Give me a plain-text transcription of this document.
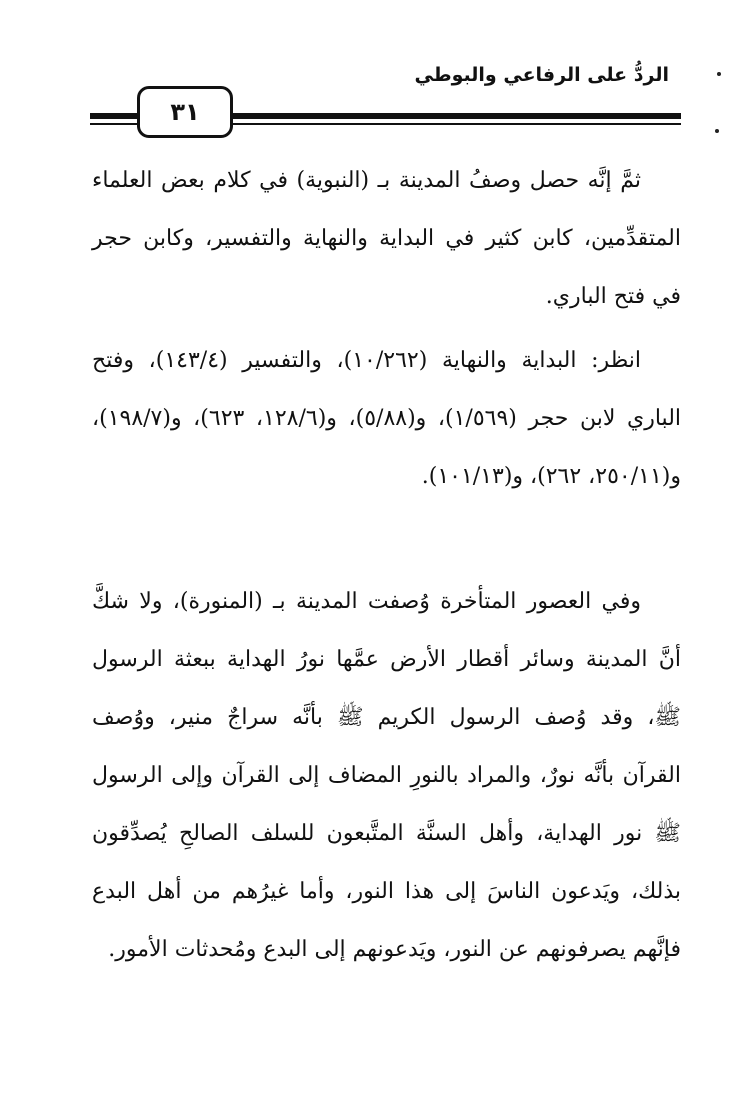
الردُّ على الرفاعي والبوطي
٣١

ثمَّ إنَّه حصل وصفُ المدينة بـ (النبوية) في كلام بعض العلماء المتقدِّمين، كابن كثير في البداية والنهاية والتفسير، وكابن حجر في فتح الباري.

انظر: البداية والنهاية (١٠/٢٦٢)، والتفسير (١٤٣/٤)، وفتح الباري لابن حجر (١/٥٦٩)، و(٥/٨٨)، و(١٢٨/٦، ٦٢٣)، و(١٩٨/٧)، و(٢٥٠/١١، ٢٦٢)، و(١٠١/١٣).

وفي العصور المتأخرة وُصفت المدينة بـ (المنورة)، ولا شكَّ أنَّ المدينة وسائر أقطار الأرض عمَّها نورُ الهداية ببعثة الرسول ﷺ، وقد وُصف الرسول الكريم ﷺ بأنَّه سراجٌ منير، ووُصف القرآن بأنَّه نورٌ، والمراد بالنورِ المضاف إلى القرآن وإلى الرسول ﷺ نور الهداية، وأهل السنَّة المتَّبعون للسلف الصالحِ يُصدِّقون بذلك، ويَدعون الناسَ إلى هذا النور، وأما غيرُهم من أهل البدع فإنَّهم يصرفونهم عن النور، ويَدعونهم إلى البدع ومُحدثات الأمور.
